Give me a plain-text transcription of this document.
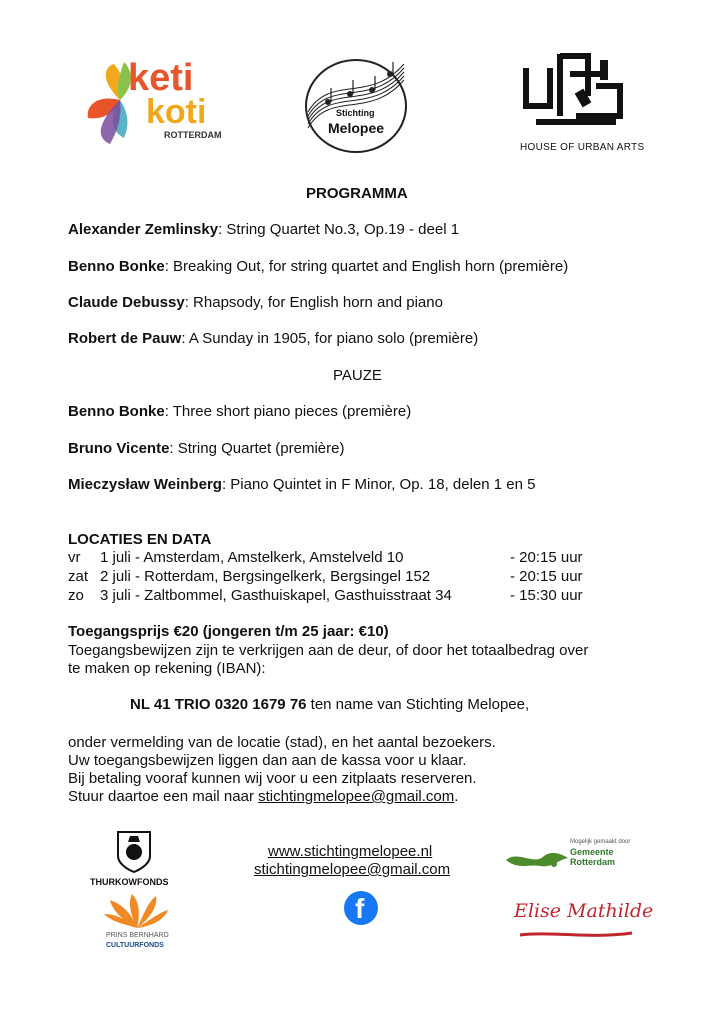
keti
koti
ROTTERDAM
Stichting
Melopee
HOUSE OF URBAN ARTS
PROGRAMMA
Alexander Zemlinsky: String Quartet No.3, Op.19 - deel 1
Benno Bonke: Breaking Out, for string quartet and English horn (première)
Claude Debussy: Rhapsody, for English horn and piano
Robert de Pauw: A Sunday in 1905, for piano solo (première)
PAUZE
Benno Bonke: Three short piano pieces (première)
Bruno Vicente: String Quartet (première)
Mieczysław Weinberg: Piano Quintet in F Minor, Op. 18, delen 1 en 5
LOCATIES EN DATA
vr 1 juli - Amsterdam, Amstelkerk, Amstelveld 10	- 20:15 uur
zat 2 juli - Rotterdam, Bergsingelkerk, Bergsingel 152	- 20:15 uur
zo 3 juli - Zaltbommel, Gasthuiskapel, Gasthuisstraat 34	- 15:30 uur
Toegangsprijs €20 (jongeren t/m 25 jaar: €10)
Toegangsbewijzen zijn te verkrijgen aan de deur, of door het totaalbedrag over
te maken op rekening (IBAN):
NL 41 TRIO 0320 1679 76 ten name van Stichting Melopee,
onder vermelding van de locatie (stad), en het aantal bezoekers.
Uw toegangsbewijzen liggen dan aan de kassa voor u klaar.
Bij betaling vooraf kunnen wij voor u een zitplaats reserveren.
Stuur daartoe een mail naar stichtingmelopee@gmail.com.
THURKOWFONDS
PRINS BERNHARD
CULTUURFONDS
www.stichtingmelopee.nl
stichtingmelopee@gmail.com
f
Mogelijk gemaakt door
Gemeente
Rotterdam
Elise Mathilde
